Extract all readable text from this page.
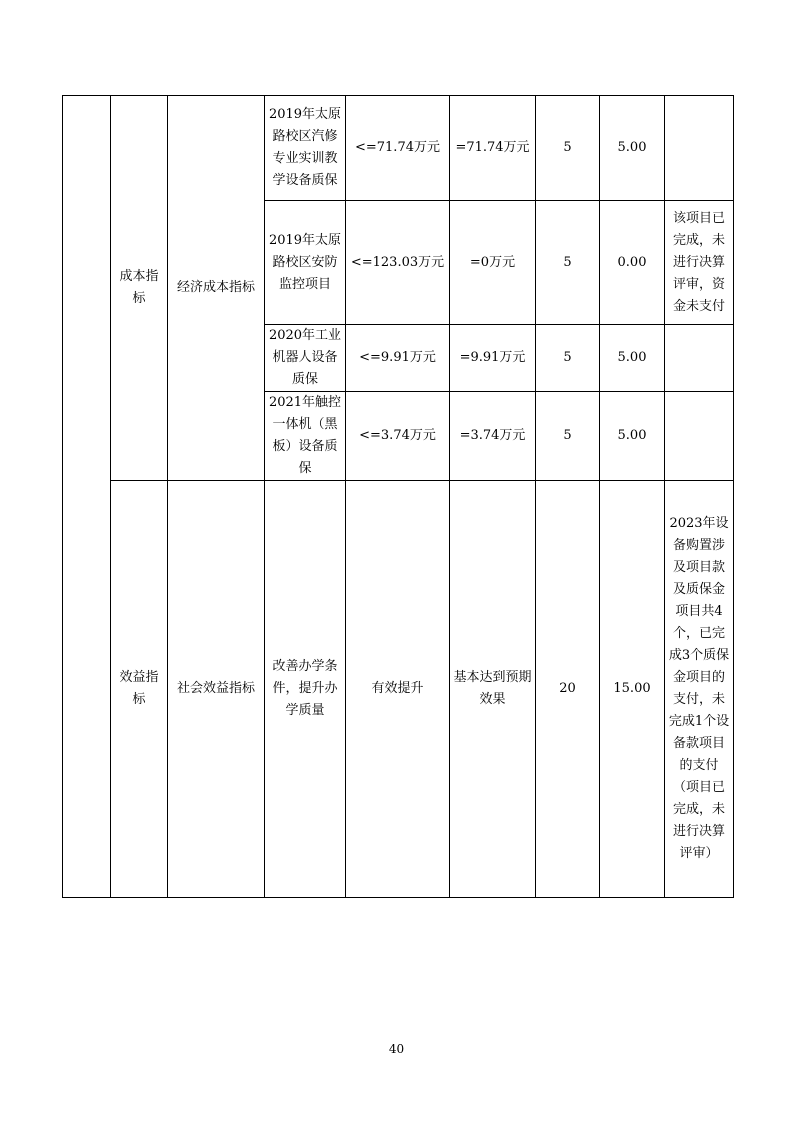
	成本指标	经济成本指标	2019年太原路校区汽修专业实训教学设备质保	<=71.74万元	=71.74万元	5	5.00	
			2019年太原路校区安防监控项目	<=123.03万元	=0万元	5	0.00	该项目已完成，未进行决算评审，资金未支付
			2020年工业机器人设备质保	<=9.91万元	=9.91万元	5	5.00	
			2021年触控一体机（黑板）设备质保	<=3.74万元	=3.74万元	5	5.00	
	效益指标	社会效益指标	改善办学条件，提升办学质量	有效提升	基本达到预期效果	20	15.00	2023年设备购置涉及项目款及质保金项目共4个，已完成3个质保金项目的支付，未完成1个设备款项目的支付（项目已完成，未进行决算评审）
40
